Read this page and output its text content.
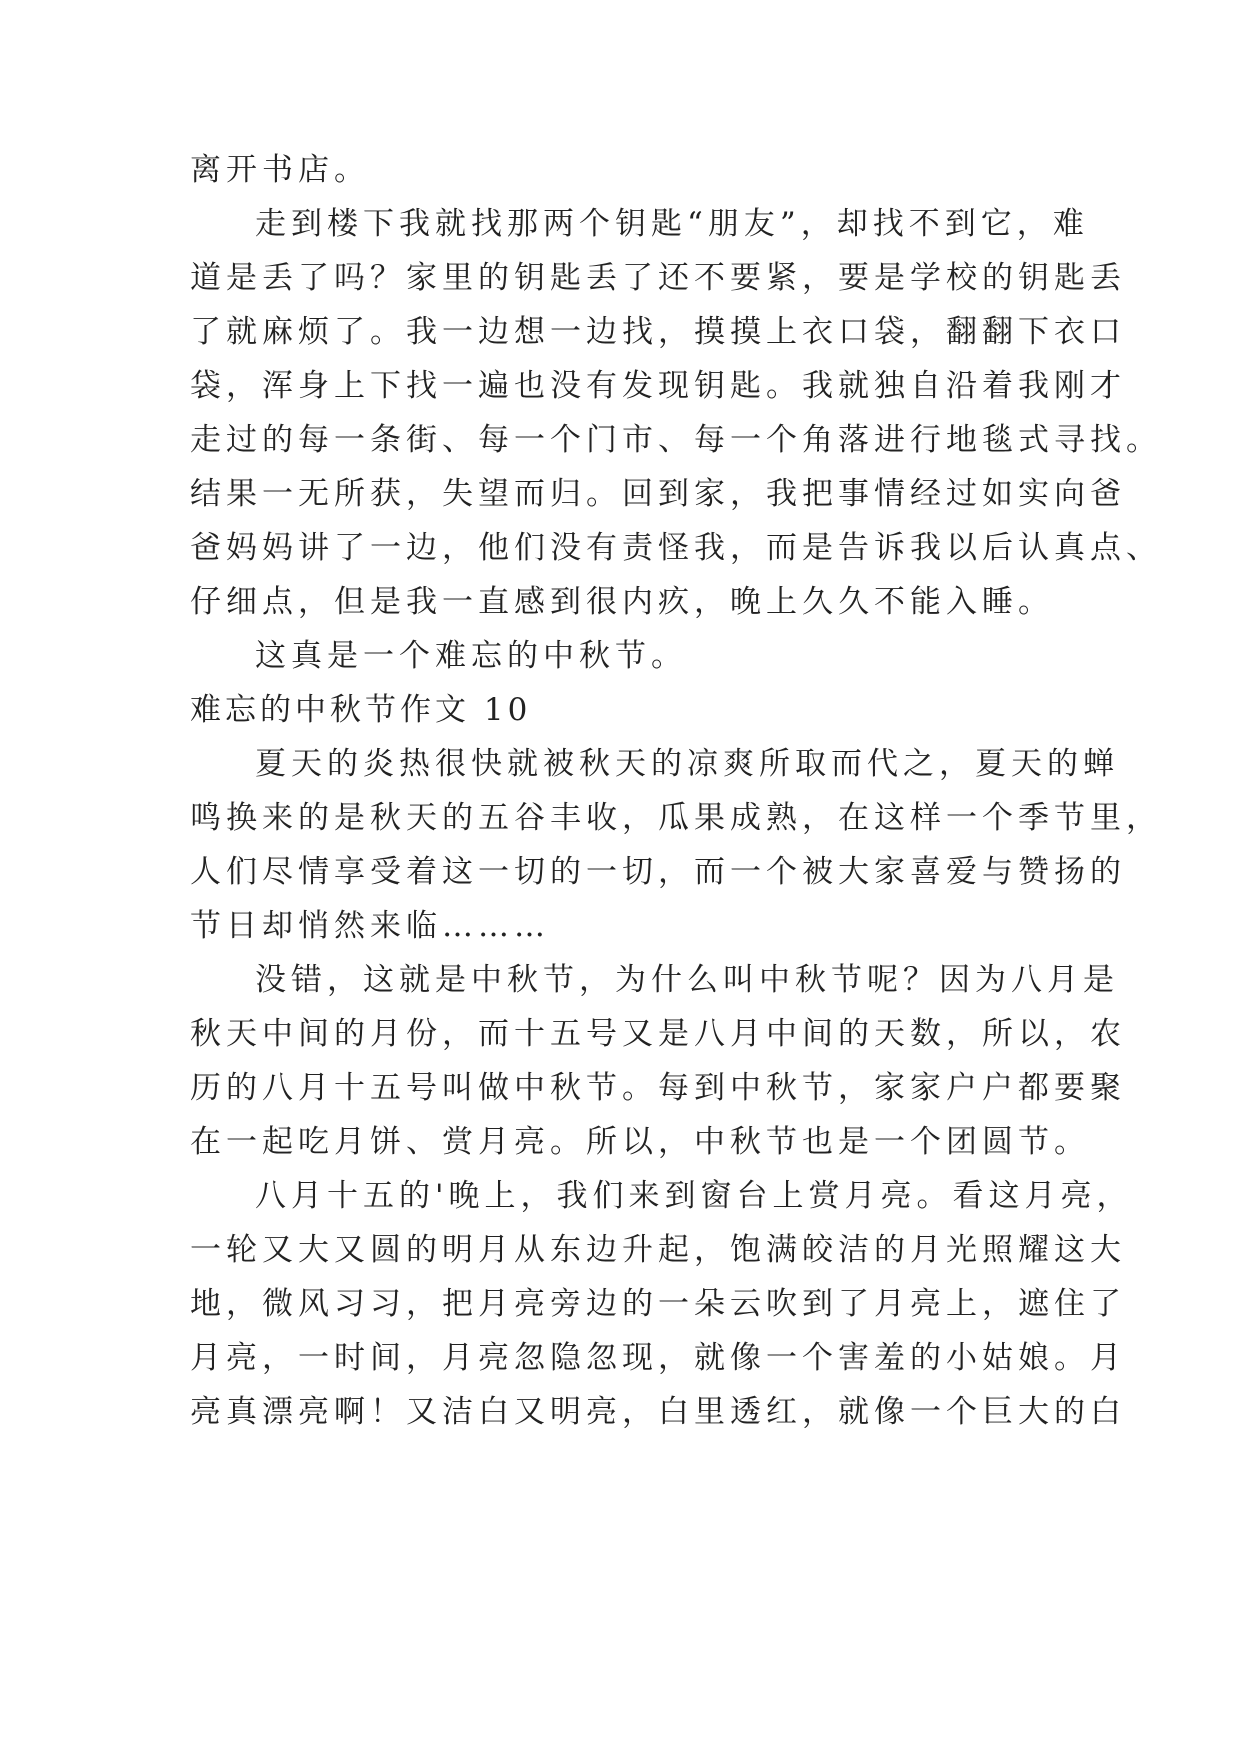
离开书店。
走到楼下我就找那两个钥匙“朋友”，却找不到它，难
道是丢了吗？家里的钥匙丢了还不要紧，要是学校的钥匙丢
了就麻烦了。我一边想一边找，摸摸上衣口袋，翻翻下衣口
袋，浑身上下找一遍也没有发现钥匙。我就独自沿着我刚才
走过的每一条街、每一个门市、每一个角落进行地毯式寻找。
结果一无所获，失望而归。回到家，我把事情经过如实向爸
爸妈妈讲了一边，他们没有责怪我，而是告诉我以后认真点、
仔细点，但是我一直感到很内疚，晚上久久不能入睡。
这真是一个难忘的中秋节。
难忘的中秋节作文 10
夏天的炎热很快就被秋天的凉爽所取而代之，夏天的蝉
鸣换来的是秋天的五谷丰收，瓜果成熟，在这样一个季节里，
人们尽情享受着这一切的一切，而一个被大家喜爱与赞扬的
节日却悄然来临………
没错，这就是中秋节，为什么叫中秋节呢？因为八月是
秋天中间的月份，而十五号又是八月中间的天数，所以，农
历的八月十五号叫做中秋节。每到中秋节，家家户户都要聚
在一起吃月饼、赏月亮。所以，中秋节也是一个团圆节。
八月十五的'晚上，我们来到窗台上赏月亮。看这月亮，
一轮又大又圆的明月从东边升起，饱满皎洁的月光照耀这大
地，微风习习，把月亮旁边的一朵云吹到了月亮上，遮住了
月亮，一时间，月亮忽隐忽现，就像一个害羞的小姑娘。月
亮真漂亮啊！又洁白又明亮，白里透红，就像一个巨大的白
